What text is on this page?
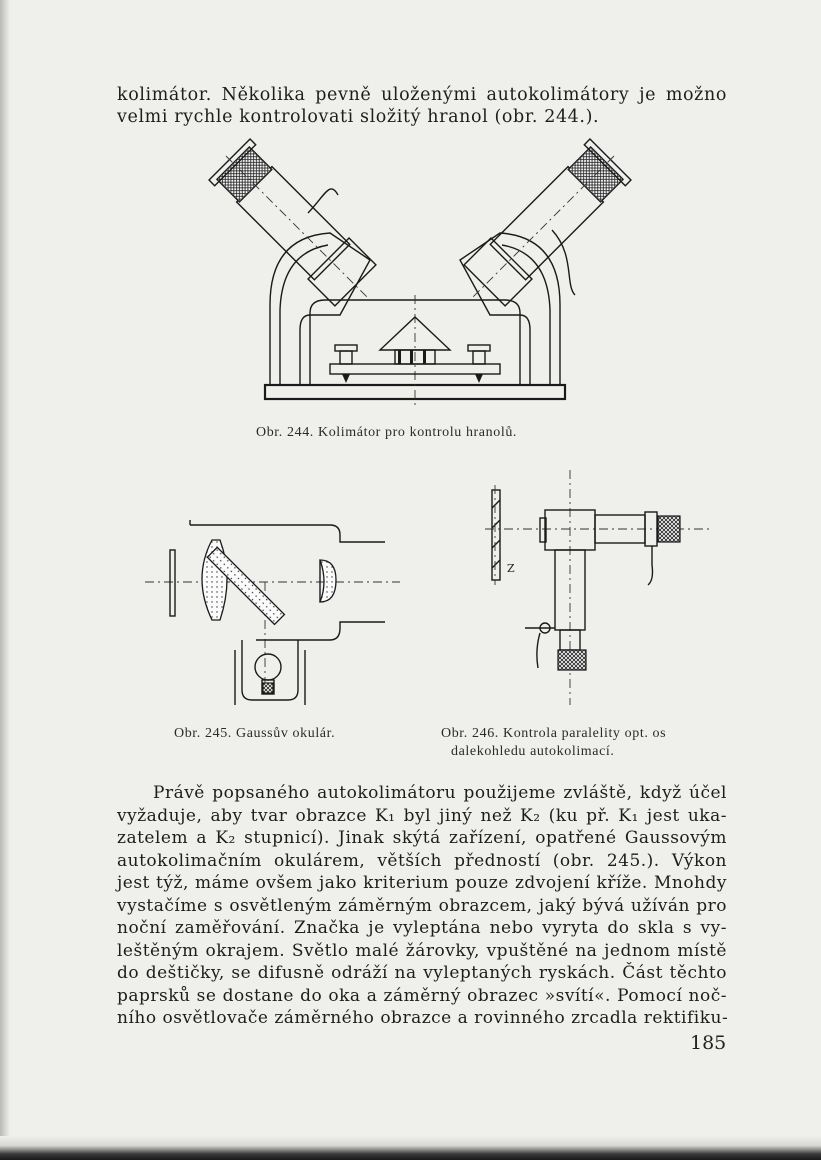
kolimátor. Několika pevně uloženými autokolimátory je možno
velmi rychle kontrolovati složitý hranol (obr. 244.).
Obr. 244. Kolimátor pro kontrolu hranolů.
Obr. 245. Gaussův okulár.
Z
Obr. 246. Kontrola paralelity opt. os
dalekohledu autokolimací.
Právě popsaného autokolimátoru použijeme zvláště, když účel
vyžaduje, aby tvar obrazce K₁ byl jiný než K₂ (ku př. K₁ jest uka-
zatelem a K₂ stupnicí). Jinak skýtá zařízení, opatřené Gaussovým
autokolimačním okulárem, větších předností (obr. 245.). Výkon
jest týž, máme ovšem jako kriterium pouze zdvojení kříže. Mnohdy
vystačíme s osvětleným záměrným obrazcem, jaký bývá užíván pro
noční zaměřování. Značka je vyleptána nebo vyryta do skla s vy-
leštěným okrajem. Světlo malé žárovky, vpuštěné na jednom místě
do deštičky, se difusně odráží na vyleptaných ryskách. Část těchto
paprsků se dostane do oka a záměrný obrazec »svítí«. Pomocí noč-
ního osvětlovače záměrného obrazce a rovinného zrcadla rektifiku-
185
